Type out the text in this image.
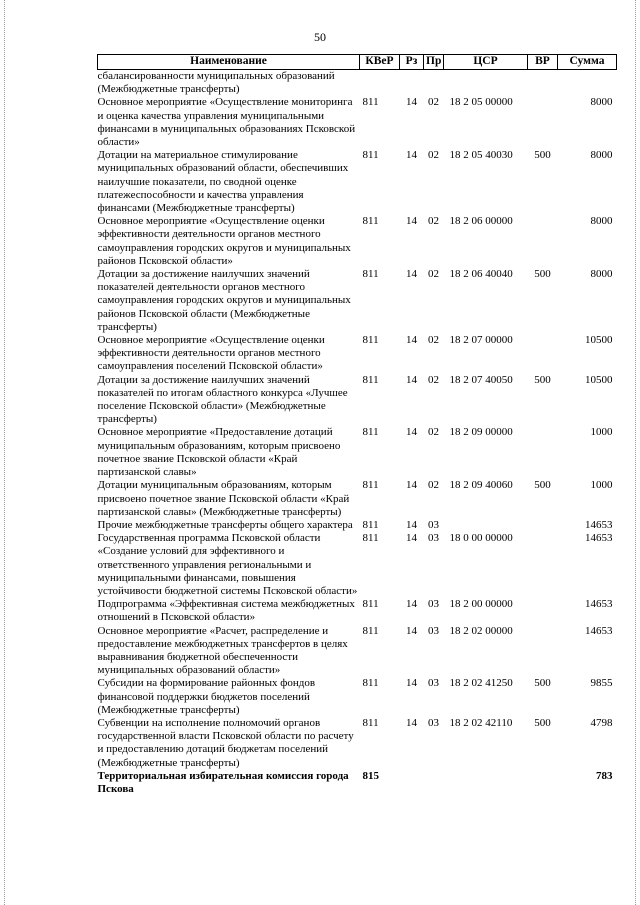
50
Наименование	КВеР	Рз	Пр	ЦСР	ВР	Сумма
сбалансированности муниципальных образований (Межбюджетные трансферты)						
Основное мероприятие «Осуществление мониторинга и оценка качества управления муниципальными финансами в муниципальных образованиях Псковской области»	811	14	02	18 2 05 00000		8000
Дотации на материальное стимулирование муниципальных образований области, обеспечивших наилучшие показатели, по сводной оценке платежеспособности и качества управления финансами (Межбюджетные трансферты)	811	14	02	18 2 05 40030	500	8000
Основное мероприятие «Осуществление оценки эффективности деятельности органов местного самоуправления городских округов и муниципальных районов Псковской области»	811	14	02	18 2 06 00000		8000
Дотации за достижение наилучших значений показателей деятельности органов местного самоуправления городских округов и муниципальных районов Псковской области (Межбюджетные трансферты)	811	14	02	18 2 06 40040	500	8000
Основное мероприятие «Осуществление оценки эффективности деятельности органов местного самоуправления поселений Псковской области»	811	14	02	18 2 07 00000		10500
Дотации за достижение наилучших значений показателей по итогам областного конкурса «Лучшее поселение Псковской области» (Межбюджетные трансферты)	811	14	02	18 2 07 40050	500	10500
Основное мероприятие «Предоставление дотаций муниципальным образованиям, которым присвоено почетное звание Псковской области «Край партизанской славы»	811	14	02	18 2 09 00000		1000
Дотации муниципальным образованиям, которым присвоено почетное звание Псковской области «Край партизанской славы» (Межбюджетные трансферты)	811	14	02	18 2 09 40060	500	1000
Прочие межбюджетные трансферты общего характера	811	14	03			14653
Государственная программа Псковской области «Создание условий для эффективного и ответственного управления региональными и муниципальными финансами, повышения устойчивости бюджетной системы Псковской области»	811	14	03	18 0 00 00000		14653
Подпрограмма «Эффективная система межбюджетных отношений в Псковской области»	811	14	03	18 2 00 00000		14653
Основное мероприятие «Расчет, распределение и предоставление межбюджетных трансфертов в целях выравнивания бюджетной обеспеченности муниципальных образований области»	811	14	03	18 2 02 00000		14653
Субсидии на формирование районных фондов финансовой поддержки бюджетов поселений (Межбюджетные трансферты)	811	14	03	18 2 02 41250	500	9855
Субвенции на исполнение полномочий органов государственной власти Псковской области по расчету и предоставлению дотаций бюджетам поселений (Межбюджетные трансферты)	811	14	03	18 2 02 42110	500	4798
Территориальная избирательная комиссия города Пскова	815					783
